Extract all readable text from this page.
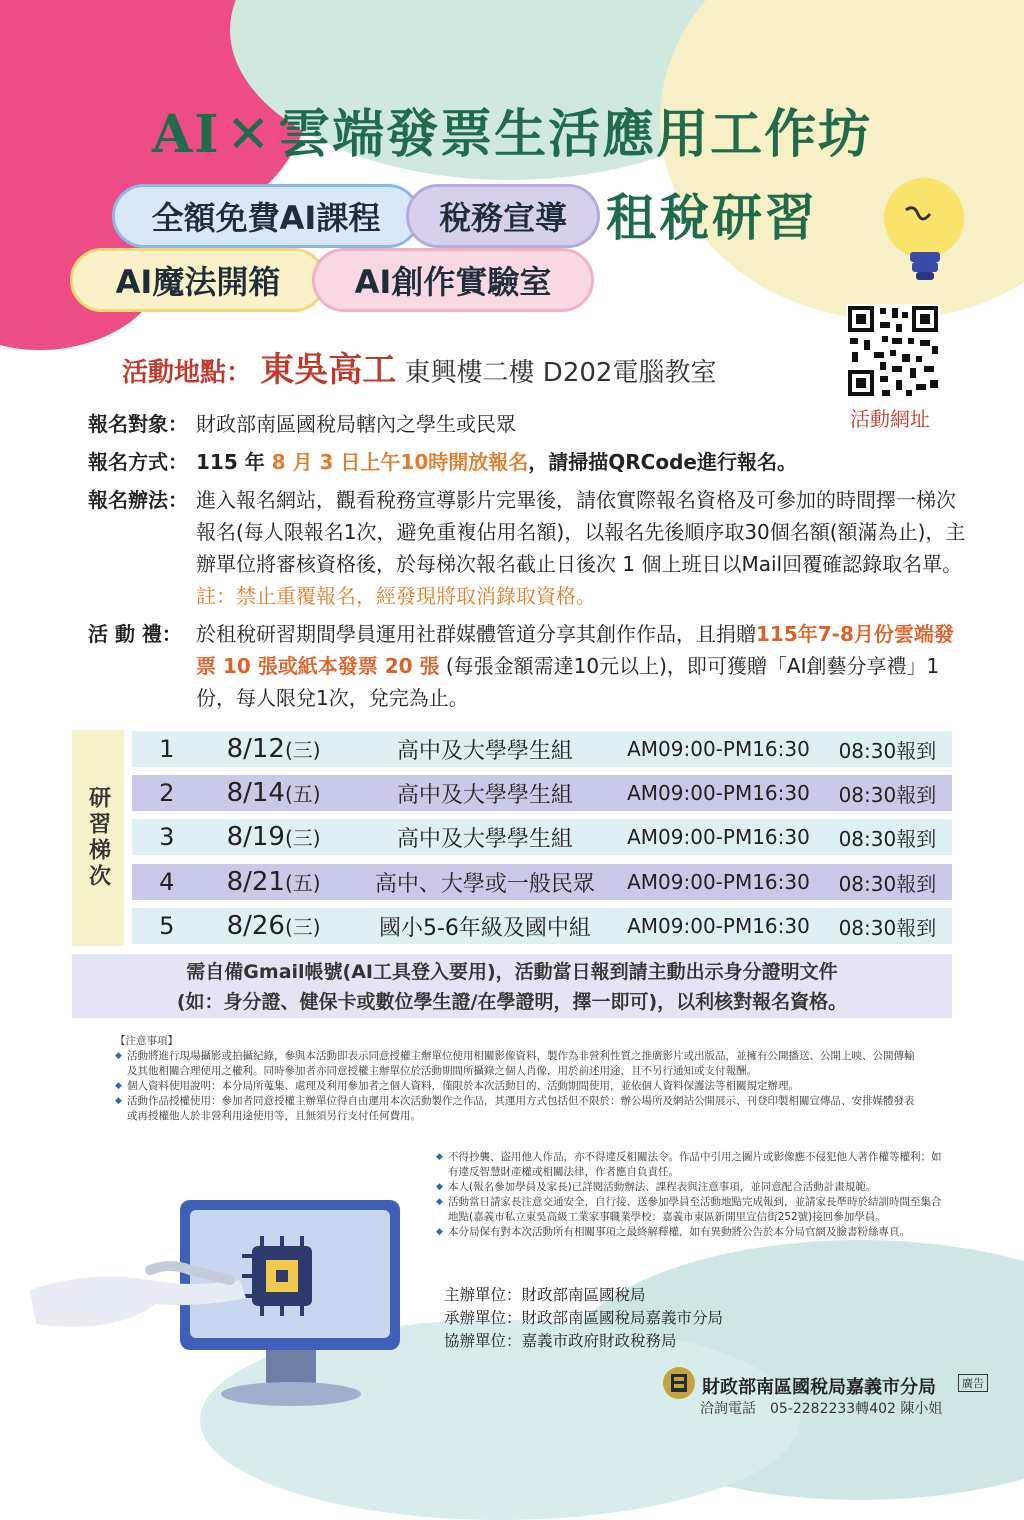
AI ✕ 雲端發票生活應用工作坊
全額免費AI課程	稅務宣導
AI魔法開箱	AI創作實驗室
租稅研習
活動網址
活動地點： 東吳高工 東興樓二樓 D202電腦教室
報名對象： 財政部南區國稅局轄內之學生或民眾
報名方式： 115 年 8 月 3 日上午10時開放報名，請掃描QRCode進行報名。
報名辦法： 進入報名網站，觀看稅務宣導影片完畢後，請依實際報名資格及可參加的時間擇一梯次報名(每人限報名1次，避免重複佔用名額)，以報名先後順序取30個名額(額滿為止)，主辦單位將審核資格後，於每梯次報名截止日後次 1 個上班日以Mail回覆確認錄取名單。註：禁止重覆報名，經發現將取消錄取資格。
活 動 禮： 於租稅研習期間學員運用社群媒體管道分享其創作作品，且捐贈115年7-8月份雲端發票 10 張或紙本發票 20 張 (每張金額需達10元以上)，即可獲贈「AI創藝分享禮」1份，每人限兌1次，兌完為止。
研習梯次
1	8/12(三)	高中及大學學生組	AM09:00-PM16:30	08:30報到
2	8/14(五)	高中及大學學生組	AM09:00-PM16:30	08:30報到
3	8/19(三)	高中及大學學生組	AM09:00-PM16:30	08:30報到
4	8/21(五)	高中、大學或一般民眾	AM09:00-PM16:30	08:30報到
5	8/26(三)	國小5-6年級及國中組	AM09:00-PM16:30	08:30報到
需自備Gmail帳號(AI工具登入要用)，活動當日報到請主動出示身分證明文件
(如：身分證、健保卡或數位學生證/在學證明，擇一即可)，以利核對報名資格。
【注意事項】
◆ 活動將進行現場攝影或拍攝紀錄，參與本活動即表示同意授權主辦單位使用相關影像資料，製作為非營利性質之推廣影片或出版品，並擁有公開播送、公開上映、公開傳輸及其他相關合理使用之權利。同時參加者亦同意授權主辦單位於活動期間所攝錄之個人肖像，用於前述用途，且不另行通知或支付報酬。
◆ 個人資料使用說明：本分局所蒐集、處理及利用參加者之個人資料，僅限於本次活動目的、活動期間使用，並依個人資料保護法等相關規定辦理。
◆ 活動作品授權使用：參加者同意授權主辦單位得自由運用本次活動製作之作品，其運用方式包括但不限於：辦公場所及網站公開展示、刊登印製相關宣傳品、安排媒體發表或再授權他人於非營利用途使用等，且無須另行支付任何費用。
◆ 不得抄襲、盜用他人作品，亦不得違反相關法令。作品中引用之圖片或影像應不侵犯他人著作權等權利；如有違反智慧財產權或相關法律，作者應自負責任。
◆ 本人(報名參加學員及家長)已詳閱活動辦法、課程表與注意事項，並同意配合活動計畫規範。
◆ 活動當日請家長注意交通安全，自行接、送參加學員至活動地點完成報到，並請家長準時於結訓時間至集合地點(嘉義市私立東吳高級工業家事職業學校：嘉義市東區新開里宣信街252號)接回參加學員。
◆ 本分局保有對本次活動所有相關事項之最終解釋權，如有異動將公告於本分局官網及臉書粉絲專頁。
主辦單位：財政部南區國稅局
承辦單位：財政部南區國稅局嘉義市分局
協辦單位：嘉義市政府財政稅務局
財政部南區國稅局嘉義市分局	廣告
洽詢電話　05-2282233轉402 陳小姐
